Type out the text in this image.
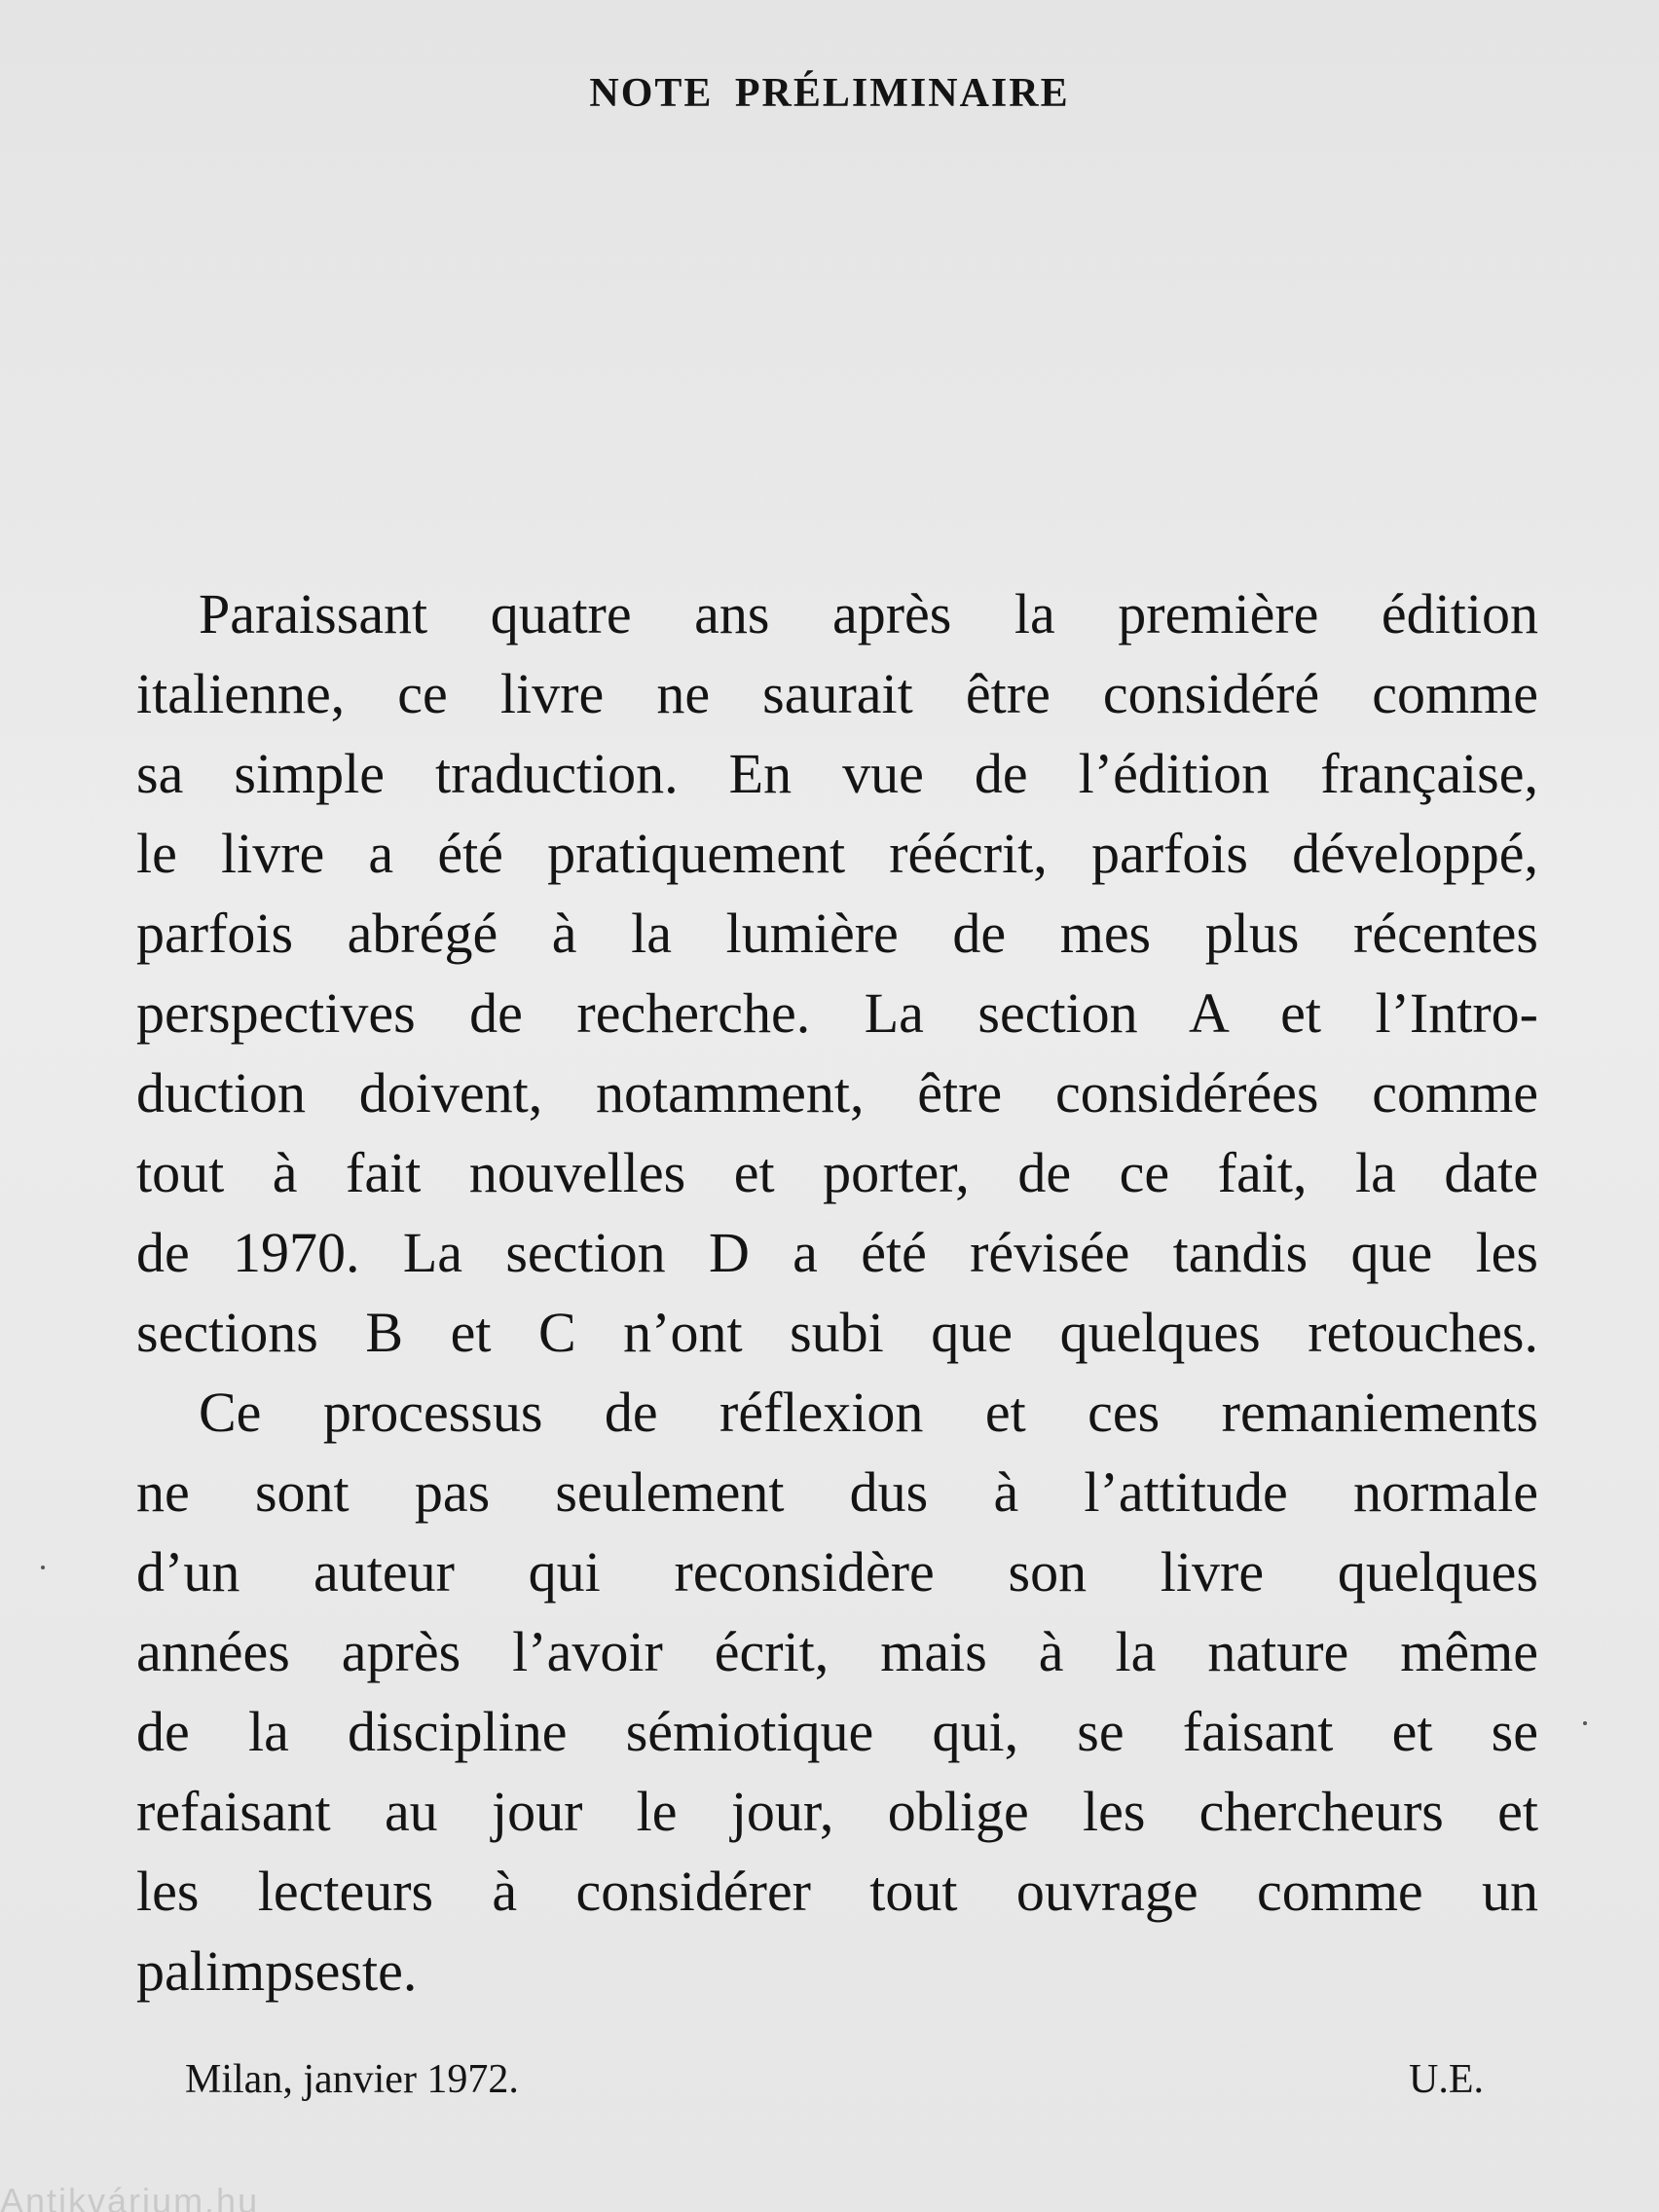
NOTE PRÉLIMINAIRE
Paraissant quatre ans après la première édition
italienne, ce livre ne saurait être considéré comme
sa simple traduction. En vue de l’édition française,
le livre a été pratiquement réécrit, parfois développé,
parfois abrégé à la lumière de mes plus récentes
perspectives de recherche. La section A et l’Intro-
duction doivent, notamment, être considérées comme
tout à fait nouvelles et porter, de ce fait, la date
de 1970. La section D a été révisée tandis que les
sections B et C n’ont subi que quelques retouches.
Ce processus de réflexion et ces remaniements
ne sont pas seulement dus à l’attitude normale
d’un auteur qui reconsidère son livre quelques
années après l’avoir écrit, mais à la nature même
de la discipline sémiotique qui, se faisant et se
refaisant au jour le jour, oblige les chercheurs et
les lecteurs à considérer tout ouvrage comme un
palimpseste.
Milan, janvier 1972.	U.E.
Antikvárium.hu
